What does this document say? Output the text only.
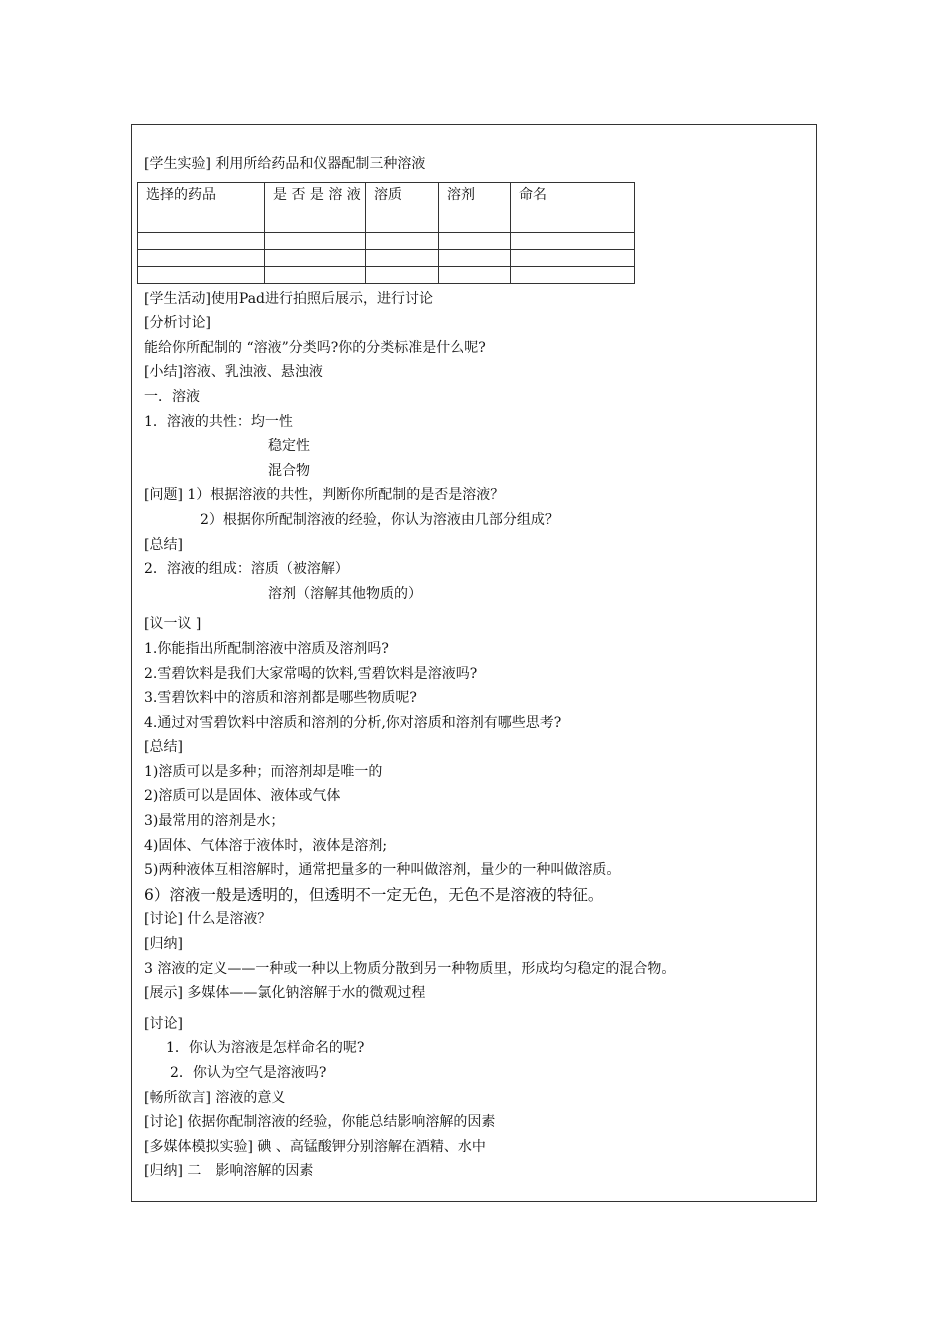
[学生实验] 利用所给药品和仪器配制三种溶液
选择的药品	是 否 是 溶 液	溶质	溶剂	命名

[学生活动]使用Pad进行拍照后展示，进行讨论
[分析讨论]
能给你所配制的 “溶液”分类吗?你的分类标准是什么呢?
[小结]溶液、乳浊液、悬浊液
一．溶液
1．溶液的共性：均一性
稳定性
混合物
[问题] 1）根据溶液的共性，判断你所配制的是否是溶液？
2）根据你所配制溶液的经验，你认为溶液由几部分组成？
[总结]
2．溶液的组成：溶质（被溶解）
溶剂（溶解其他物质的）
[议一议 ]
1.你能指出所配制溶液中溶质及溶剂吗?
2.雪碧饮料是我们大家常喝的饮料,雪碧饮料是溶液吗?
3.雪碧饮料中的溶质和溶剂都是哪些物质呢?
4.通过对雪碧饮料中溶质和溶剂的分析,你对溶质和溶剂有哪些思考?
[总结]
1)溶质可以是多种；而溶剂却是唯一的
2)溶质可以是固体、液体或气体
3)最常用的溶剂是水；
4)固体、气体溶于液体时，液体是溶剂;
5)两种液体互相溶解时，通常把量多的一种叫做溶剂，量少的一种叫做溶质。
6）溶液一般是透明的，但透明不一定无色，无色不是溶液的特征。
[讨论] 什么是溶液？
[归纳]
3 溶液的定义——一种或一种以上物质分散到另一种物质里，形成均匀稳定的混合物。
[展示] 多媒体——氯化钠溶解于水的微观过程
[讨论]
1．你认为溶液是怎样命名的呢?
2．你认为空气是溶液吗?
[畅所欲言] 溶液的意义
[讨论] 依据你配制溶液的经验，你能总结影响溶解的因素
[多媒体模拟实验] 碘 、高锰酸钾分别溶解在酒精、水中
[归纳] 二　影响溶解的因素
